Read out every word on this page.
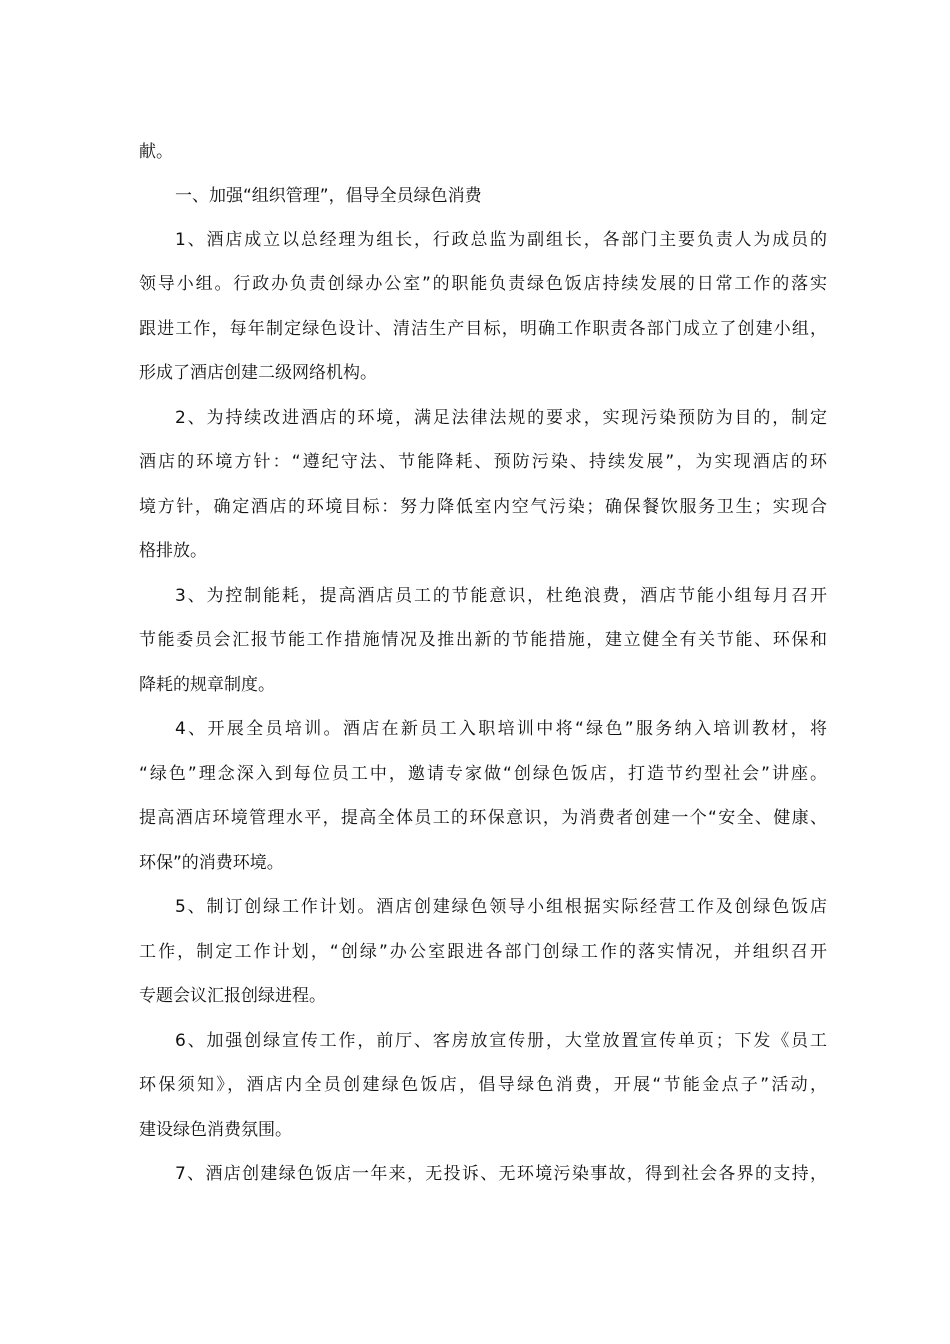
献。
一、加强“组织管理”，倡导全员绿色消费
1、酒店成立以总经理为组长，行政总监为副组长，各部门主要负责人为成员的
领导小组。行政办负责创绿办公室”的职能负责绿色饭店持续发展的日常工作的落实
跟进工作，每年制定绿色设计、清洁生产目标，明确工作职责各部门成立了创建小组，
形成了酒店创建二级网络机构。
2、为持续改进酒店的环境，满足法律法规的要求，实现污染预防为目的，制定
酒店的环境方针：“遵纪守法、节能降耗、预防污染、持续发展”，为实现酒店的环
境方针，确定酒店的环境目标：努力降低室内空气污染；确保餐饮服务卫生；实现合
格排放。
3、为控制能耗，提高酒店员工的节能意识，杜绝浪费，酒店节能小组每月召开
节能委员会汇报节能工作措施情况及推出新的节能措施，建立健全有关节能、环保和
降耗的规章制度。
4、开展全员培训。酒店在新员工入职培训中将“绿色”服务纳入培训教材，将
“绿色”理念深入到每位员工中，邀请专家做“创绿色饭店，打造节约型社会”讲座。
提高酒店环境管理水平，提高全体员工的环保意识，为消费者创建一个“安全、健康、
环保”的消费环境。
5、制订创绿工作计划。酒店创建绿色领导小组根据实际经营工作及创绿色饭店
工作，制定工作计划，“创绿”办公室跟进各部门创绿工作的落实情况，并组织召开
专题会议汇报创绿进程。
6、加强创绿宣传工作，前厅、客房放宣传册，大堂放置宣传单页；下发《员工
环保须知》，酒店内全员创建绿色饭店，倡导绿色消费，开展“节能金点子”活动，
建设绿色消费氛围。
7、酒店创建绿色饭店一年来，无投诉、无环境污染事故，得到社会各界的支持，
